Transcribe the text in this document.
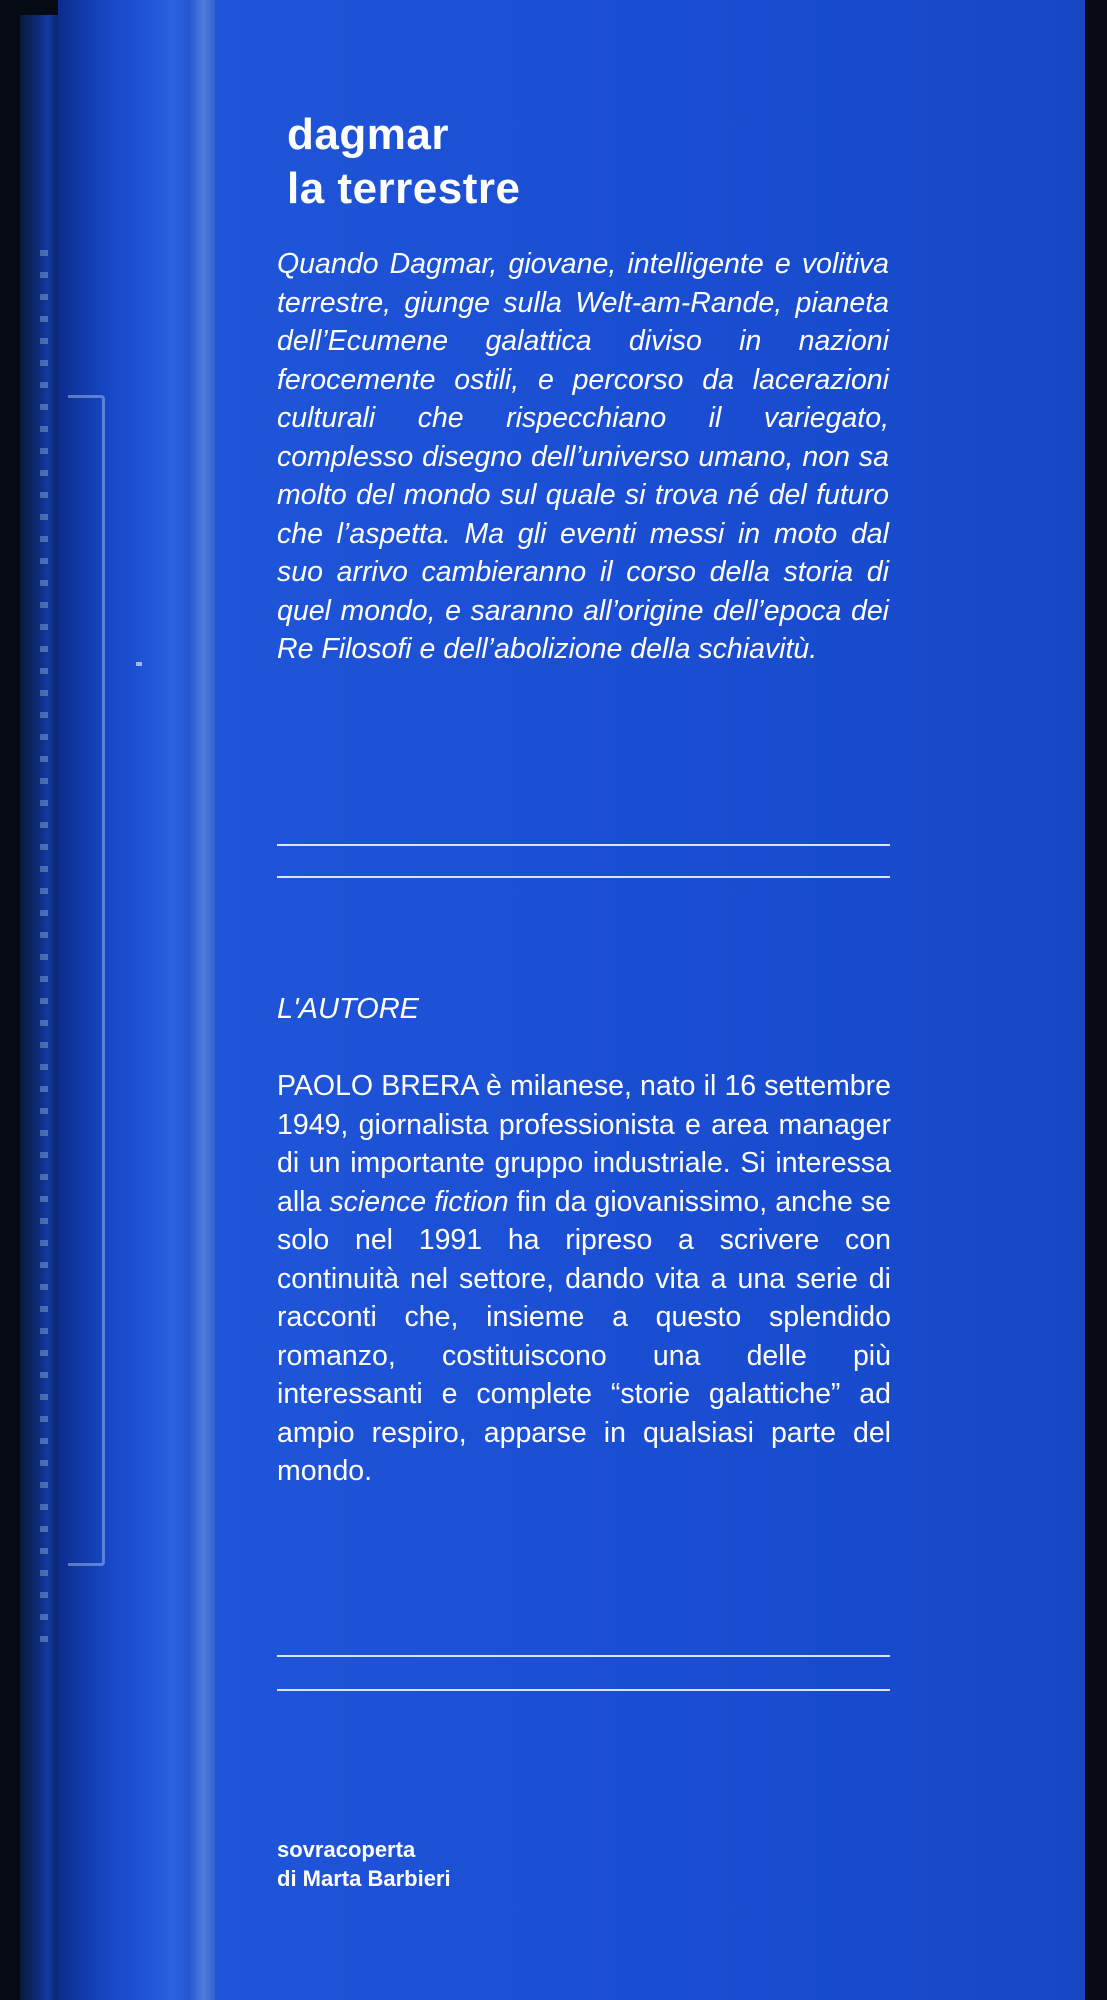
dagmar
la terrestre
Quando Dagmar, giovane, intelligente e volitiva terrestre, giunge sulla Welt-am-Rande, pianeta dell’Ecumene galattica diviso in nazioni ferocemente ostili, e percorso da lacerazioni culturali che rispecchiano il variegato, complesso disegno dell’universo umano, non sa molto del mondo sul quale si trova né del futuro che l’aspetta. Ma gli eventi messi in moto dal suo arrivo cambieranno il corso della storia di quel mondo, e saranno all’origine dell’epoca dei Re Filosofi e dell’abolizione della schiavitù.
L'AUTORE
PAOLO BRERA è milanese, nato il 16 settembre 1949, giornalista professionista e area manager di un importante gruppo industriale. Si interessa alla science fiction fin da giovanissimo, anche se solo nel 1991 ha ripreso a scrivere con continuità nel settore, dando vita a una serie di racconti che, insieme a questo splendido romanzo, costituiscono una delle più interessanti e complete “storie galattiche” ad ampio respiro, apparse in qualsiasi parte del mondo.
sovracoperta
di Marta Barbieri
